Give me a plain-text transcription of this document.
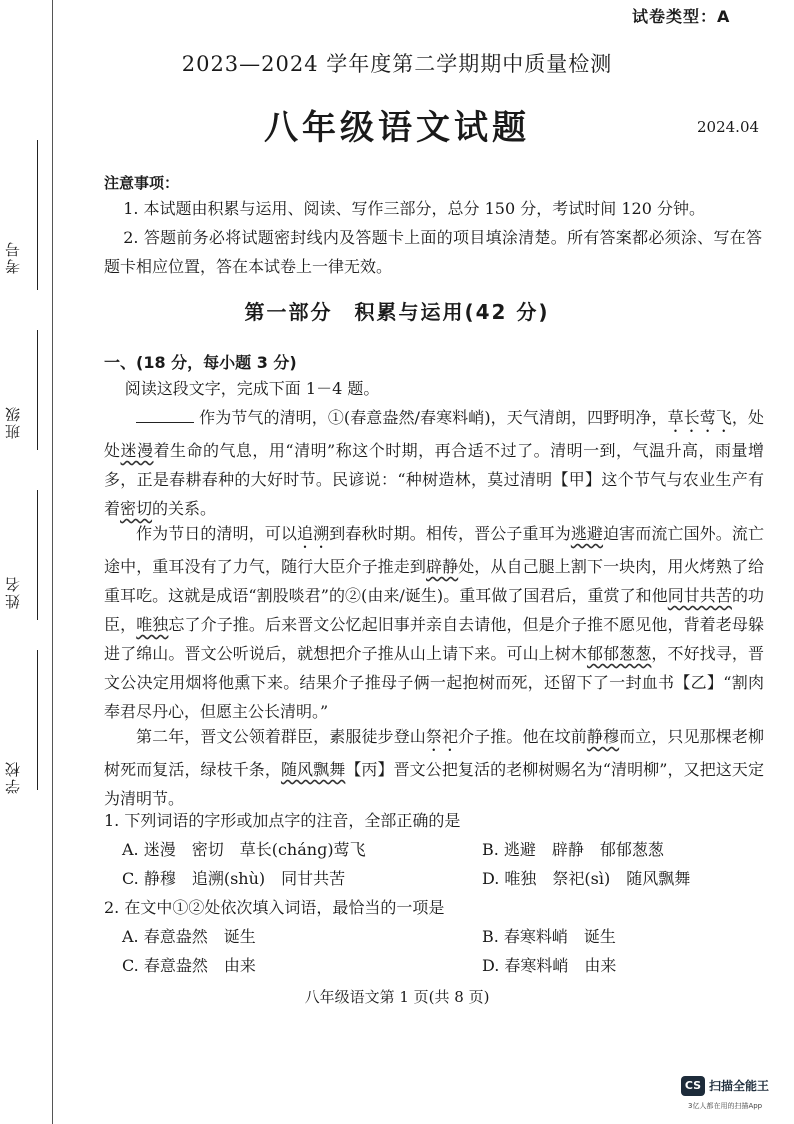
考号
班级
姓名
学校
试卷类型：A
2023—2024 学年度第二学期期中质量检测
八年级语文试题	2024.04
注意事项：
1. 本试题由积累与运用、阅读、写作三部分，总分 150 分，考试时间 120 分钟。
2. 答题前务必将试题密封线内及答题卡上面的项目填涂清楚。所有答案都必须涂、写在答题卡相应位置，答在本试卷上一律无效。
第一部分　积累与运用(42 分)
一、(18 分，每小题 3 分)
阅读这段文字，完成下面 1－4 题。
作为节气的清明，①(春意盎然/春寒料峭)，天气清朗，四野明净，草长莺飞，处处迷漫着生命的气息，用“清明”称这个时期，再合适不过了。清明一到，气温升高，雨量增多，正是春耕春种的大好时节。民谚说：“种树造林，莫过清明【甲】这个节气与农业生产有着密切的关系。
作为节日的清明，可以追溯到春秋时期。相传，晋公子重耳为逃避迫害而流亡国外。流亡途中，重耳没有了力气，随行大臣介子推走到辟静处，从自己腿上割下一块肉，用火烤熟了给重耳吃。这就是成语“割股啖君”的②(由来/诞生)。重耳做了国君后，重赏了和他同甘共苦的功臣，唯独忘了介子推。后来晋文公忆起旧事并亲自去请他，但是介子推不愿见他，背着老母躲进了绵山。晋文公听说后，就想把介子推从山上请下来。可山上树木郁郁葱葱，不好找寻，晋文公决定用烟将他熏下来。结果介子推母子俩一起抱树而死，还留下了一封血书【乙】“割肉奉君尽丹心，但愿主公长清明。”
第二年，晋文公领着群臣，素服徒步登山祭祀介子推。他在坟前静穆而立，只见那棵老柳树死而复活，绿枝千条，随风飘舞【丙】晋文公把复活的老柳树赐名为“清明柳”，又把这天定为清明节。
1. 下列词语的字形或加点字的注音，全部正确的是
A. 迷漫　密切　草长(chánɡ)莺飞	B. 逃避　辟静　郁郁葱葱
C. 静穆　追溯(shù)　同甘共苦	D. 唯独　祭祀(sì)　随风飘舞
2. 在文中①②处依次填入词语，最恰当的一项是
A. 春意盎然　诞生	B. 春寒料峭　诞生
C. 春意盎然　由来	D. 春寒料峭　由来
八年级语文第 1 页(共 8 页)
CS 扫描全能王
3亿人都在用的扫描App
